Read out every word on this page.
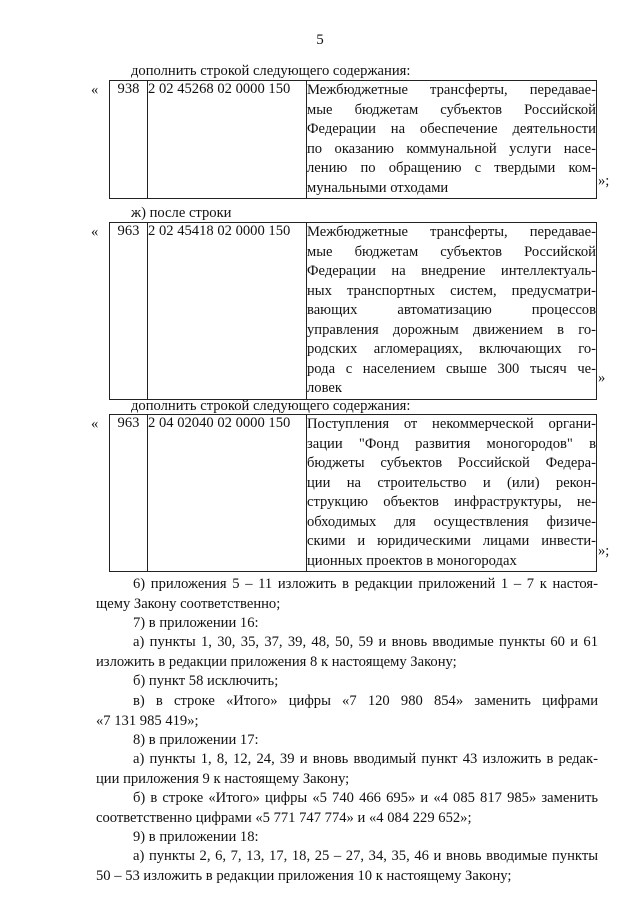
5
дополнить строкой следующего содержания:
« 938	2 02 45268 02 0000 150	Межбюджетные трансферты, передавае-
мые бюджетам субъектов Российской
Федерации на обеспечение деятельности
по оказанию коммунальной услуги насе-
лению по обращению с твердыми ком-
мунальными отходами	»;
ж) после строки
« 963	2 02 45418 02 0000 150	Межбюджетные трансферты, передавае-
мые бюджетам субъектов Российской
Федерации на внедрение интеллектуаль-
ных транспортных систем, предусматри-
вающих автоматизацию процессов
управления дорожным движением в го-
родских агломерациях, включающих го-
рода с населением свыше 300 тысяч че-
ловек
»
дополнить строкой следующего содержания:
« 963	2 04 02040 02 0000 150	Поступления от некоммерческой органи-
зации "Фонд развития моногородов" в
бюджеты субъектов Российской Федера-
ции на строительство и (или) рекон-
струкцию объектов инфраструктуры, не-
обходимых для осуществления физиче-
скими и юридическими лицами инвести-
ционных проектов в моногородах
»;
6) приложения 5 – 11 изложить в редакции приложений 1 – 7 к настоя-
щему Закону соответственно;
7) в приложении 16:
а) пункты 1, 30, 35, 37, 39, 48, 50, 59 и вновь вводимые пункты 60 и 61
изложить в редакции приложения 8 к настоящему Закону;
б) пункт 58 исключить;
в) в строке «Итого» цифры «7 120 980 854» заменить цифрами
«7 131 985 419»;
8) в приложении 17:
а) пункты 1, 8, 12, 24, 39 и вновь вводимый пункт 43 изложить в редак-
ции приложения 9 к настоящему Закону;
б) в строке «Итого» цифры «5 740 466 695» и «4 085 817 985» заменить
соответственно цифрами «5 771 747 774» и «4 084 229 652»;
9) в приложении 18:
а) пункты 2, 6, 7, 13, 17, 18, 25 – 27, 34, 35, 46 и вновь вводимые пункты
50 – 53 изложить в редакции приложения 10 к настоящему Закону;
